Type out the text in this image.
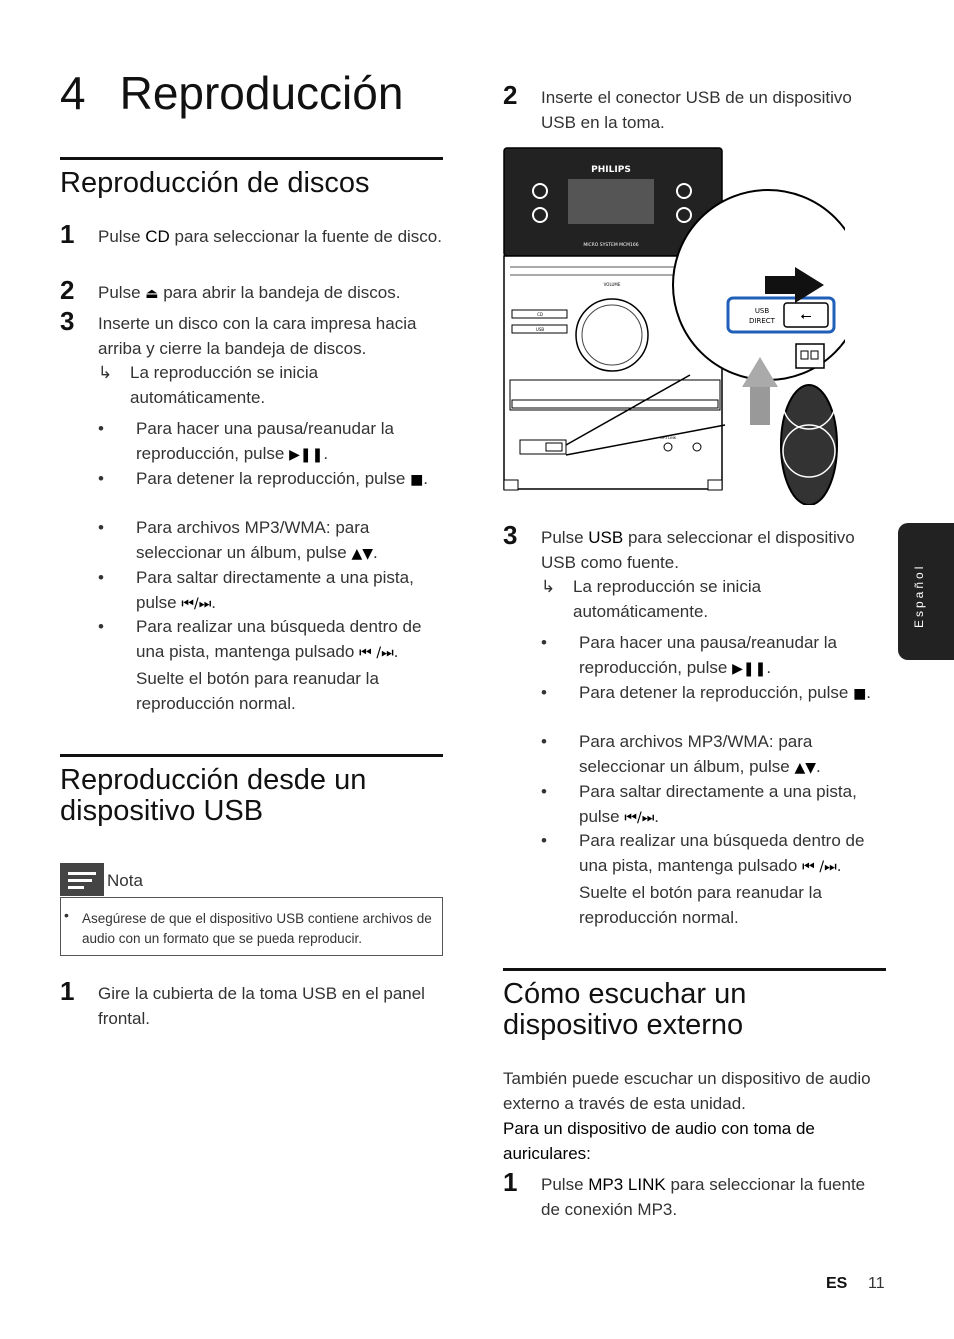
4 Reproducción
Reproducción de discos
1 Pulse CD para seleccionar la fuente de disco.
2 Pulse ⏏ para abrir la bandeja de discos.
3 Inserte un disco con la cara impresa hacia arriba y cierre la bandeja de discos.
↳ La reproducción se inicia automáticamente.
• Para hacer una pausa/reanudar la reproducción, pulse ▶❚❚.
• Para detener la reproducción, pulse ■.
• Para archivos MP3/WMA: para seleccionar un álbum, pulse ▲▼.
• Para saltar directamente a una pista, pulse ⏮/⏭.
• Para realizar una búsqueda dentro de una pista, mantenga pulsado ⏮ /⏭. Suelte el botón para reanudar la reproducción normal.
Reproducción desde un
dispositivo USB
Nota
• Asegúrese de que el dispositivo USB contiene archivos de audio con un formato que se pueda reproducir.
1 Gire la cubierta de la toma USB en el panel frontal.
2 Inserte el conector USB de un dispositivo USB en la toma.
PHILIPS
MICRO SYSTEM MCM166
VOLUME
CD
USB
MP3 LINK
USB
DIRECT ⭠
3 Pulse USB para seleccionar el dispositivo USB como fuente.
↳ La reproducción se inicia automáticamente.
• Para hacer una pausa/reanudar la reproducción, pulse ▶❚❚.
• Para detener la reproducción, pulse ■.
• Para archivos MP3/WMA: para seleccionar un álbum, pulse ▲▼.
• Para saltar directamente a una pista, pulse ⏮/⏭.
• Para realizar una búsqueda dentro de una pista, mantenga pulsado ⏮ /⏭. Suelte el botón para reanudar la reproducción normal.
Cómo escuchar un
dispositivo externo
También puede escuchar un dispositivo de audio externo a través de esta unidad.
Para un dispositivo de audio con toma de auriculares:
1 Pulse MP3 LINK para seleccionar la fuente de conexión MP3.
Español
ES 11
